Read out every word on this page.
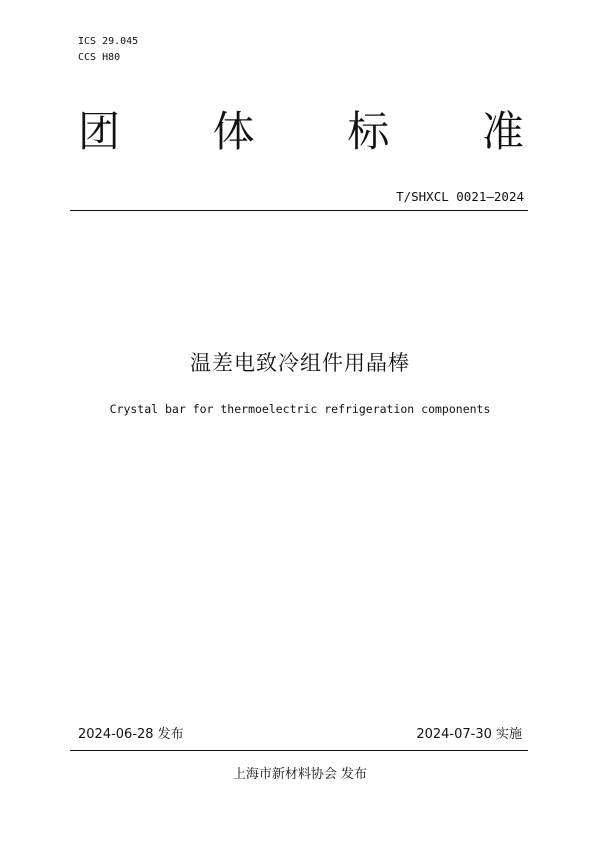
ICS 29.045
CCS H80
团 体 标 准
T/SHXCL 0021—2024
温差电致冷组件用晶棒
Crystal bar for thermoelectric refrigeration components
2024-06-28 发布	2024-07-30 实施
上海市新材料协会 发布
